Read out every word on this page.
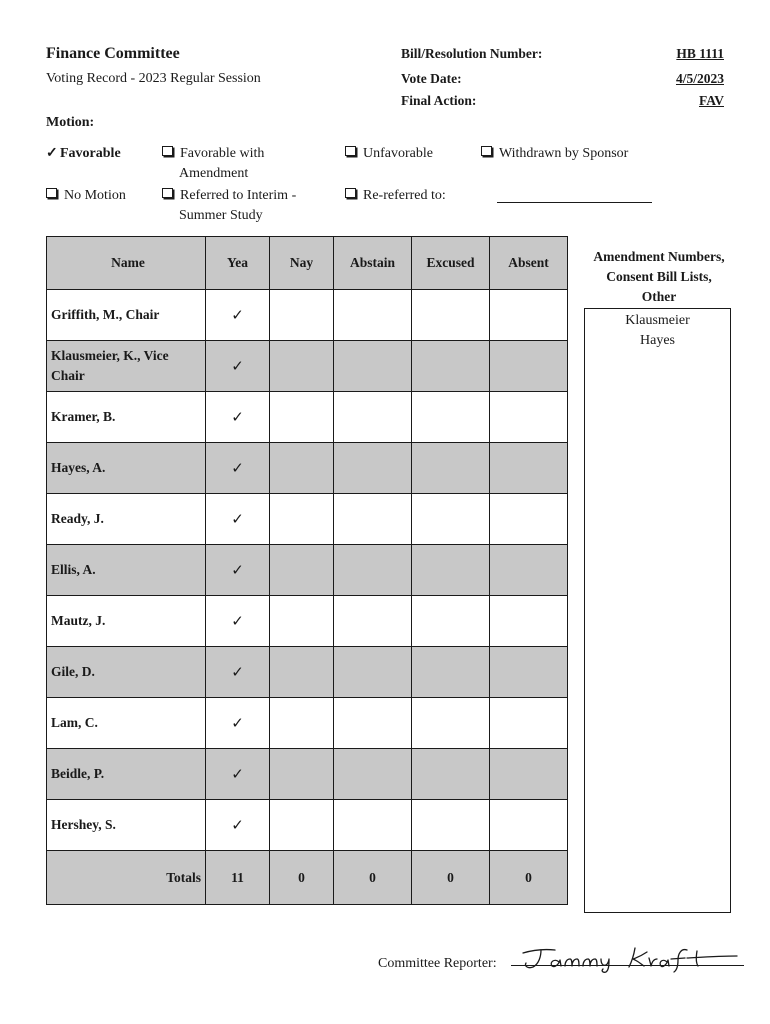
Finance Committee
Voting Record - 2023 Regular Session
Bill/Resolution Number:	HB 1111
Vote Date:	4/5/2023
Final Action:	FAV
Motion:
✓ Favorable	Favorable with
Amendment
Unfavorable	Withdrawn by Sponsor
No Motion	Referred to Interim -
Summer Study
Re-referred to:
Name	Yea	Nay	Abstain	Excused	Absent
Griffith, M., Chair	✓				
Klausmeier, K., Vice Chair	✓				
Kramer, B.	✓				
Hayes, A.	✓				
Ready, J.	✓				
Ellis, A.	✓				
Mautz, J.	✓				
Gile, D.	✓				
Lam, C.	✓				
Beidle, P.	✓				
Hershey, S.	✓				
Totals	11	0	0	0	0
Amendment Numbers,
Consent Bill Lists,
Other
Klausmeier
Hayes
Committee Reporter:
